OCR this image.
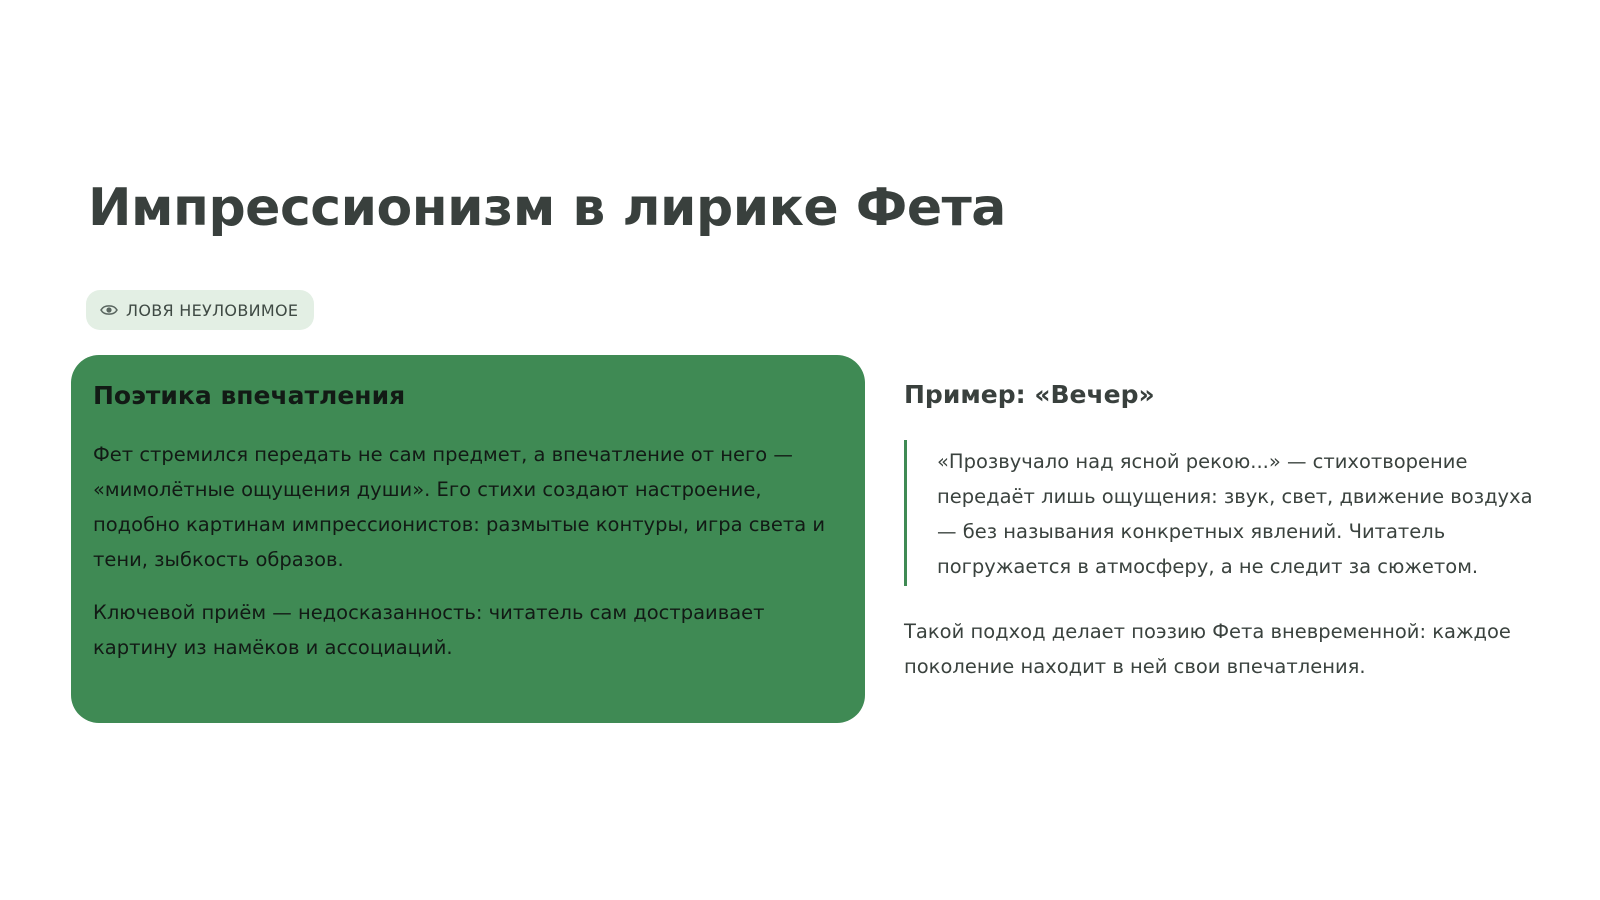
Импрессионизм в лирике Фета
ЛОВЯ НЕУЛОВИМОЕ
Поэтика впечатления

Фет стремился передать не сам предмет, а впечатление от него — «мимолётные ощущения души». Его стихи создают настроение, подобно картинам импрессионистов: размытые контуры, игра света и тени, зыбкость образов.

Ключевой приём — недосказанность: читатель сам достраивает картину из намёков и ассоциаций.

Пример: «Вечер»
«Прозвучало над ясной рекою...» — стихотворение передаёт лишь ощущения: звук, свет, движение воздуха — без называния конкретных явлений. Читатель погружается в атмосферу, а не следит за сюжетом.

Такой подход делает поэзию Фета вневременной: каждое поколение находит в ней свои впечатления.
